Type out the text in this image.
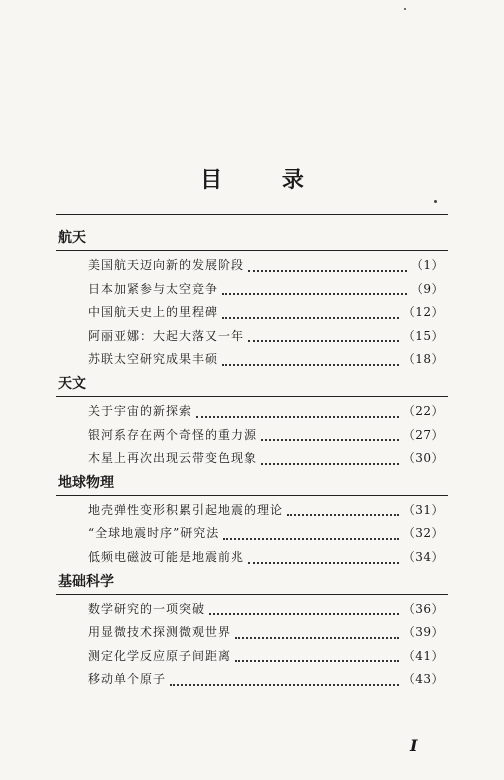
目 录
航天
美国航天迈向新的发展阶段	（1）
日本加紧参与太空竞争	（9）
中国航天史上的里程碑	（12）
阿丽亚娜：大起大落又一年	（15）
苏联太空研究成果丰硕	（18）
天文
关于宇宙的新探索	（22）
银河系存在两个奇怪的重力源	（27）
木星上再次出现云带变色现象	（30）
地球物理
地壳弹性变形积累引起地震的理论	（31）
“全球地震时序”研究法	（32）
低频电磁波可能是地震前兆	（34）
基础科学
数学研究的一项突破	（36）
用显微技术探测微观世界	（39）
测定化学反应原子间距离	（41）
移动单个原子	（43）
I
